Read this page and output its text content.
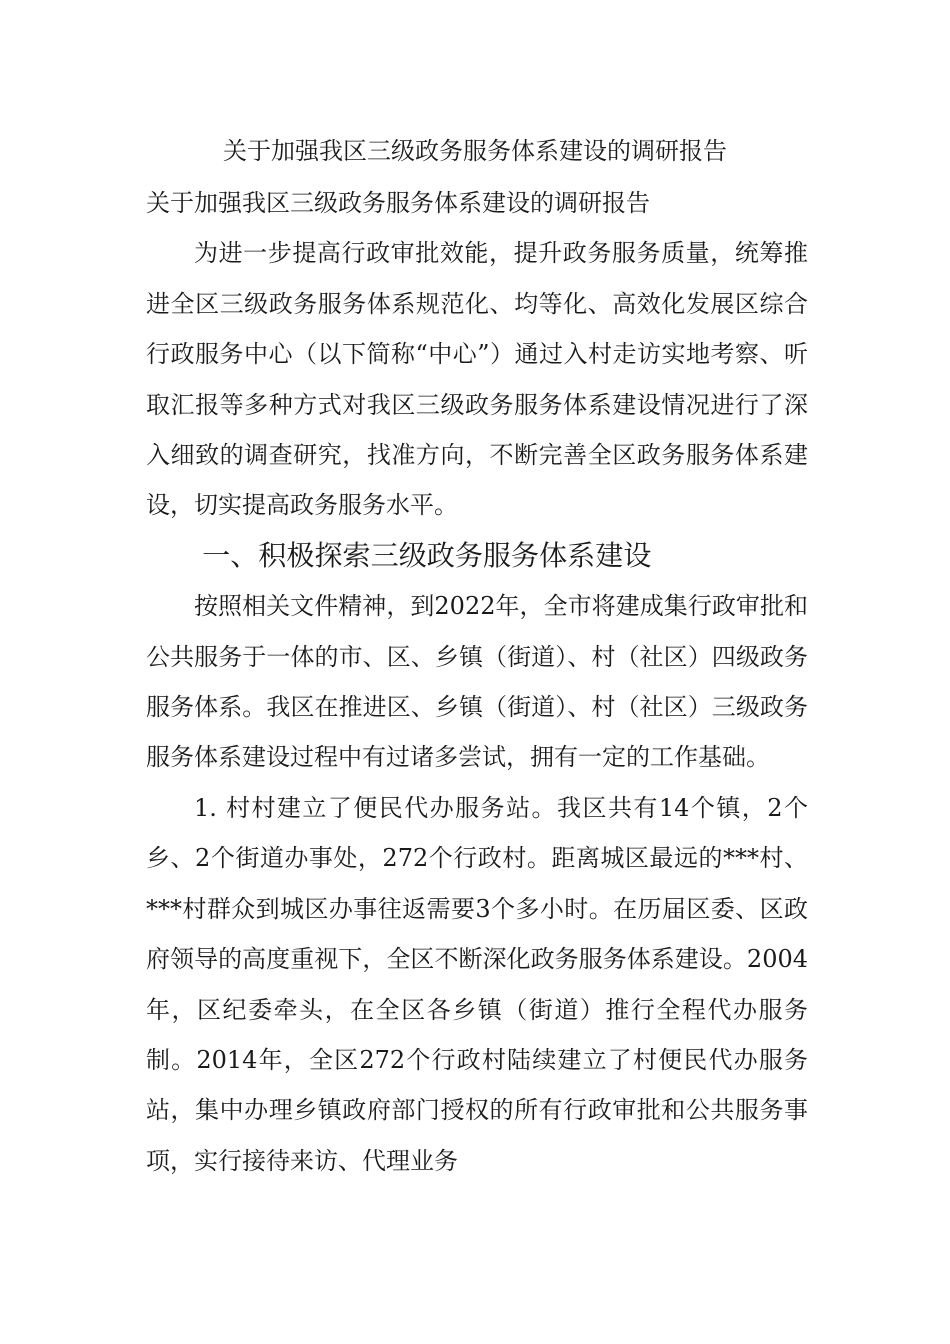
关于加强我区三级政务服务体系建设的调研报告
关于加强我区三级政务服务体系建设的调研报告

为进一步提高行政审批效能，提升政务服务质量，统筹推进全区三级政务服务体系规范化、均等化、高效化发展区综合行政服务中心（以下简称“中心”）通过入村走访实地考察、听取汇报等多种方式对我区三级政务服务体系建设情况进行了深入细致的调查研究，找准方向，不断完善全区政务服务体系建设，切实提高政务服务水平。

一、积极探索三级政务服务体系建设

按照相关文件精神，到2022年，全市将建成集行政审批和公共服务于一体的市、区、乡镇（街道）、村（社区）四级政务服务体系。我区在推进区、乡镇（街道）、村（社区）三级政务服务体系建设过程中有过诸多尝试，拥有一定的工作基础。

1. 村村建立了便民代办服务站。我区共有14个镇，2个乡、2个街道办事处，272个行政村。距离城区最远的***村、***村群众到城区办事往返需要3个多小时。在历届区委、区政府领导的高度重视下，全区不断深化政务服务体系建设。2004年，区纪委牵头，在全区各乡镇（街道）推行全程代办服务制。2014年，全区272个行政村陆续建立了村便民代办服务站，集中办理乡镇政府部门授权的所有行政审批和公共服务事项，实行接待来访、代理业务
